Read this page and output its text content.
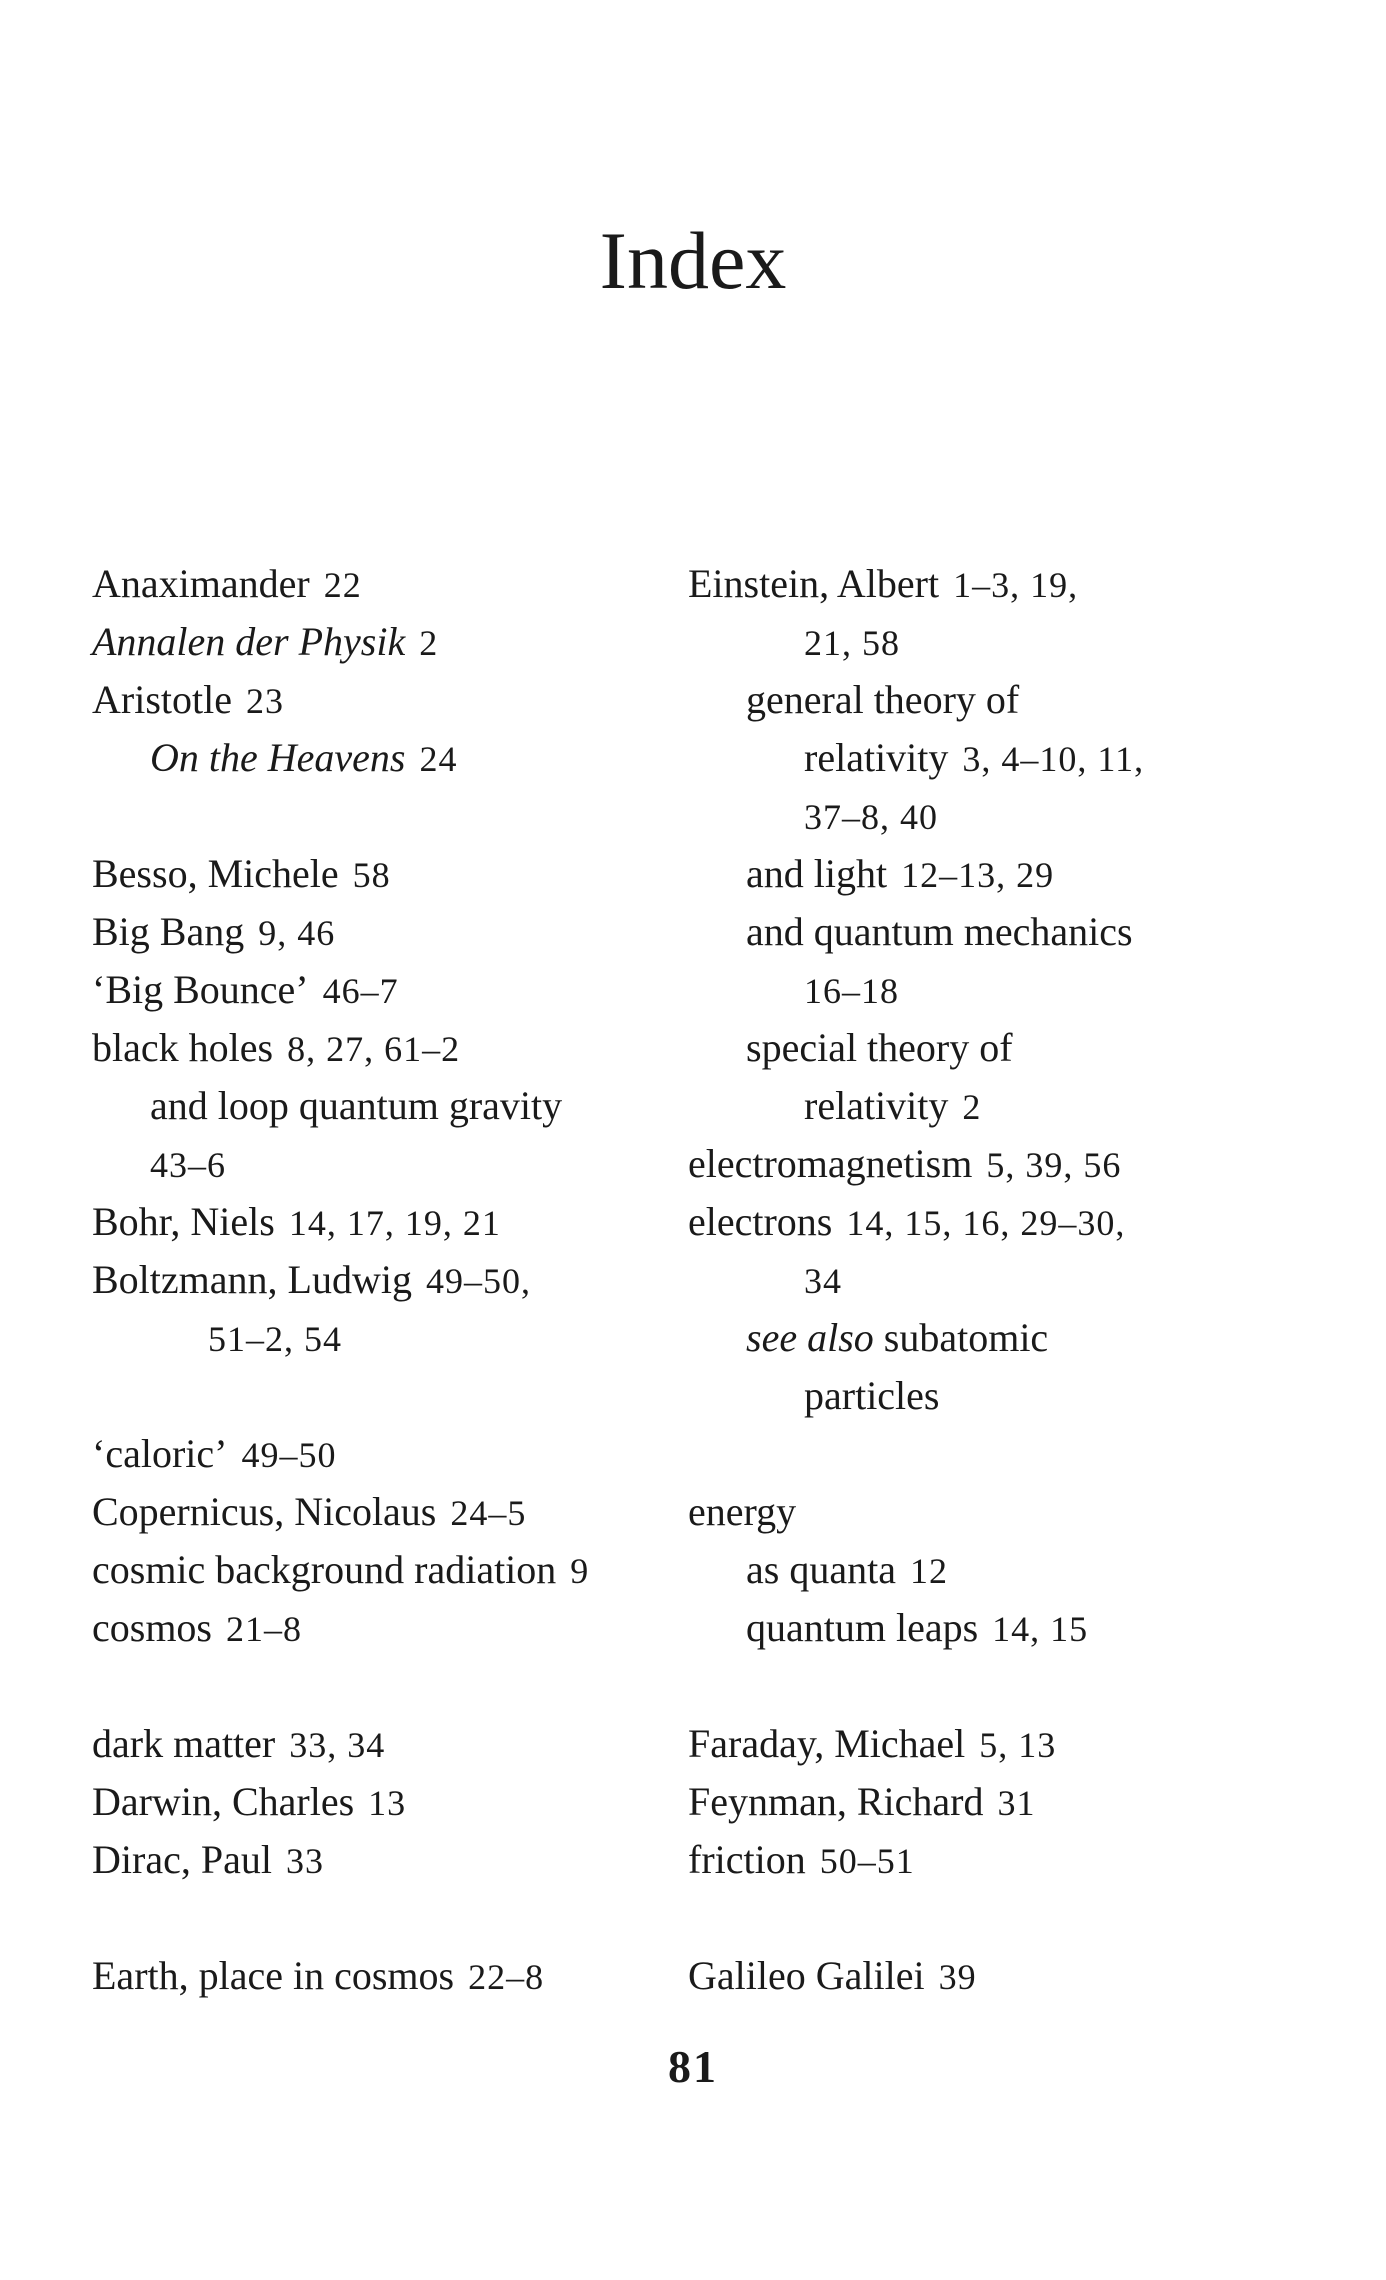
Index
Anaximander 22
Annalen der Physik 2
Aristotle 23
On the Heavens 24
Besso, Michele 58
Big Bang 9, 46
‘Big Bounce’ 46–7
black holes 8, 27, 61–2
and loop quantum gravity
43–6
Bohr, Niels 14, 17, 19, 21
Boltzmann, Ludwig 49–50,
51–2, 54
‘caloric’ 49–50
Copernicus, Nicolaus 24–5
cosmic background radiation 9
cosmos 21–8
dark matter 33, 34
Darwin, Charles 13
Dirac, Paul 33
Earth, place in cosmos 22–8
Einstein, Albert 1–3, 19,
21, 58
general theory of
relativity 3, 4–10, 11,
37–8, 40
and light 12–13, 29
and quantum mechanics
16–18
special theory of
relativity 2
electromagnetism 5, 39, 56
electrons 14, 15, 16, 29–30,
34
see also subatomic
particles
energy
as quanta 12
quantum leaps 14, 15
Faraday, Michael 5, 13
Feynman, Richard 31
friction 50–51
Galileo Galilei 39
81
